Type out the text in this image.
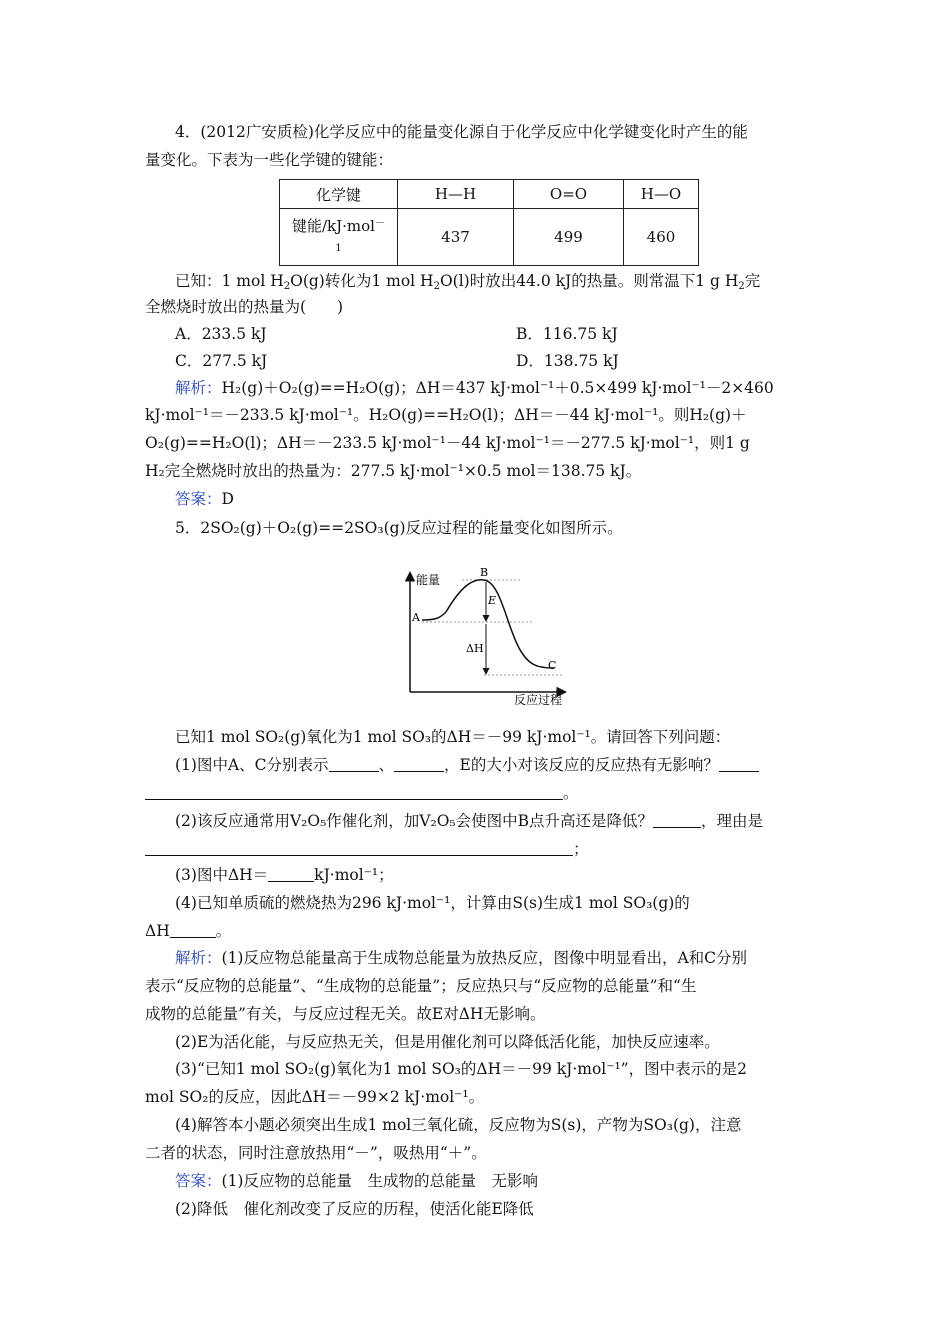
4．(2012广安质检)化学反应中的能量变化源自于化学反应中化学键变化时产生的能
量变化。下表为一些化学键的键能：
化学键	H—H	O=O	H—O
键能/kJ·mol－
1	437	499	460
已知：1 mol $H_2O(g)$转化为1 mol $H_2O(l)$时放出44.0 kJ的热量。则常温下1 g $H_2$完
全燃烧时放出的热量为(　　)
A．233.5 kJ	B．116.75 kJ
C．277.5 kJ	D．138.75 kJ
解析：H₂(g)＋O₂(g)==H₂O(g)；ΔH＝437 kJ·mol⁻¹＋0.5×499 kJ·mol⁻¹－2×460
kJ·mol⁻¹＝－233.5 kJ·mol⁻¹。H₂O(g)==H₂O(l)；ΔH＝－44 kJ·mol⁻¹。则H₂(g)＋
O₂(g)==H₂O(l)；ΔH＝－233.5 kJ·mol⁻¹－44 kJ·mol⁻¹＝－277.5 kJ·mol⁻¹，则1 g
H₂完全燃烧时放出的热量为：277.5 kJ·mol⁻¹×0.5 mol＝138.75 kJ。
答案：D
5．2SO₂(g)＋O₂(g)==2SO₃(g)反应过程的能量变化如图所示。
能量
反应过程
A
B
C
E
ΔH
已知1 mol SO₂(g)氧化为1 mol SO₃的ΔH＝－99 kJ·mol⁻¹。请回答下列问题：
(1)图中A、C分别表示	、	，E的大小对该反应的反应热有无影响？
。
(2)该反应通常用V₂O₅作催化剂，加V₂O₅会使图中B点升高还是降低？	，理由是
；
(3)图中ΔH＝	kJ·mol⁻¹；
(4)已知单质硫的燃烧热为296 kJ·mol⁻¹，计算由S(s)生成1 mol SO₃(g)的
ΔH	。
解析：(1)反应物总能量高于生成物总能量为放热反应，图像中明显看出，A和C分别
表示“反应物的总能量”、“生成物的总能量”；反应热只与“反应物的总能量”和“生
成物的总能量”有关，与反应过程无关。故E对ΔH无影响。
(2)E为活化能，与反应热无关，但是用催化剂可以降低活化能，加快反应速率。
(3)“已知1 mol SO₂(g)氧化为1 mol SO₃的ΔH＝－99 kJ·mol⁻¹”，图中表示的是2
mol SO₂的反应，因此ΔH＝－99×2 kJ·mol⁻¹。
(4)解答本小题必须突出生成1 mol三氧化硫，反应物为S(s)，产物为SO₃(g)，注意
二者的状态，同时注意放热用“－”，吸热用“＋”。
答案：(1)反应物的总能量　生成物的总能量　无影响
(2)降低　催化剂改变了反应的历程，使活化能E降低
